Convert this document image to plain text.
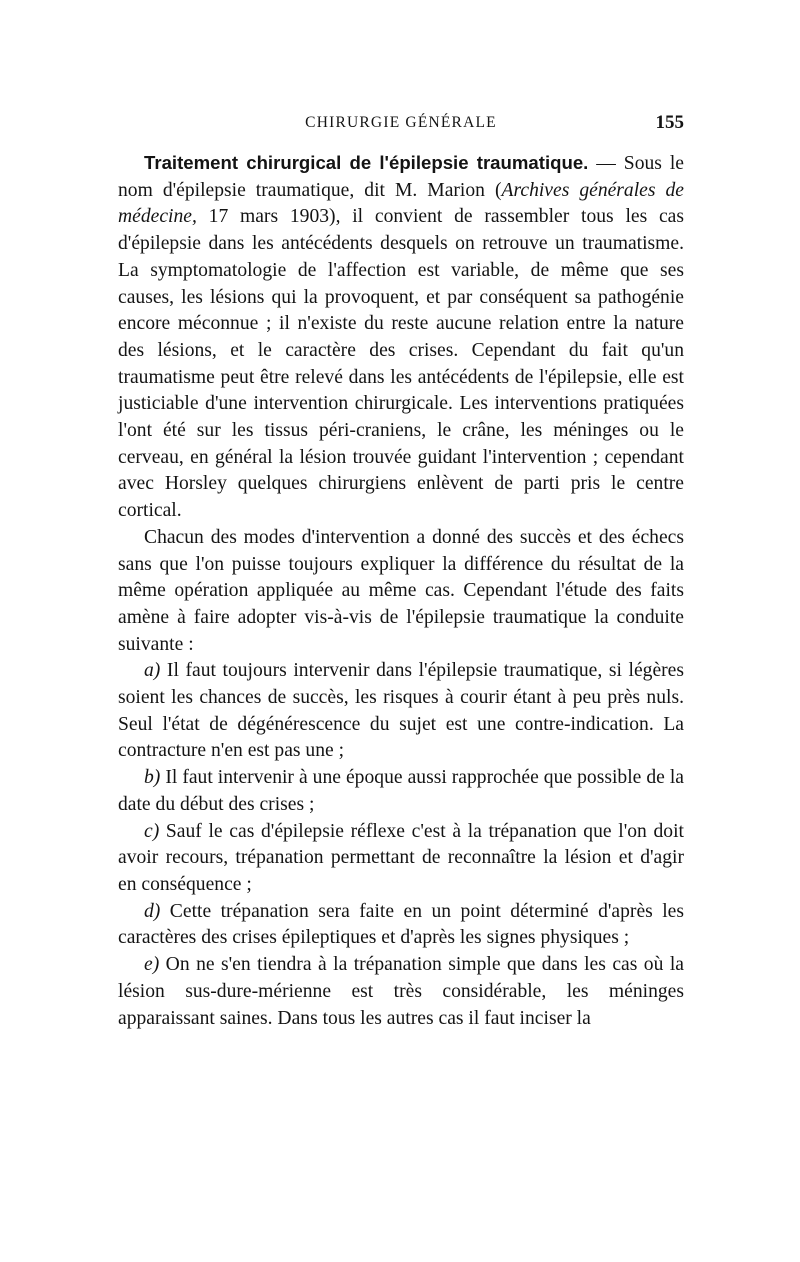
CHIRURGIE GÉNÉRALE	155

Traitement chirurgical de l'épilepsie traumatique. — Sous le nom d'épilepsie traumatique, dit M. Marion (Archives générales de médecine, 17 mars 1903), il convient de rassembler tous les cas d'épilepsie dans les antécédents desquels on retrouve un traumatisme. La symptomatologie de l'affection est variable, de même que ses causes, les lésions qui la provoquent, et par conséquent sa pathogénie encore méconnue ; il n'existe du reste aucune relation entre la nature des lésions, et le caractère des crises. Cependant du fait qu'un traumatisme peut être relevé dans les antécédents de l'épilepsie, elle est justiciable d'une intervention chirurgicale. Les interventions pratiquées l'ont été sur les tissus péri-craniens, le crâne, les méninges ou le cerveau, en général la lésion trouvée guidant l'intervention ; cependant avec Horsley quelques chirurgiens enlèvent de parti pris le centre cortical.

Chacun des modes d'intervention a donné des succès et des échecs sans que l'on puisse toujours expliquer la différence du résultat de la même opération appliquée au même cas. Cependant l'étude des faits amène à faire adopter vis-à-vis de l'épilepsie traumatique la conduite suivante :

a) Il faut toujours intervenir dans l'épilepsie traumatique, si légères soient les chances de succès, les risques à courir étant à peu près nuls. Seul l'état de dégénérescence du sujet est une contre-indication. La contracture n'en est pas une ;

b) Il faut intervenir à une époque aussi rapprochée que possible de la date du début des crises ;

c) Sauf le cas d'épilepsie réflexe c'est à la trépanation que l'on doit avoir recours, trépanation permettant de reconnaître la lésion et d'agir en conséquence ;

d) Cette trépanation sera faite en un point déterminé d'après les caractères des crises épileptiques et d'après les signes physiques ;

e) On ne s'en tiendra à la trépanation simple que dans les cas où la lésion sus-dure-mérienne est très considérable, les méninges apparaissant saines. Dans tous les autres cas il faut inciser la
